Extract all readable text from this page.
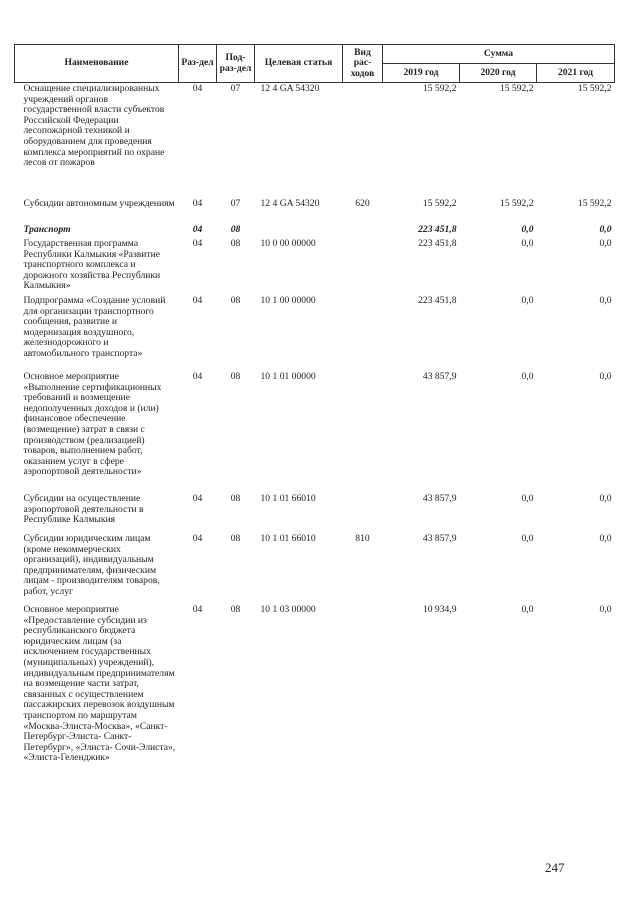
Наименование	Раз-дел	Под-раз-дел	Целевая статья	Вид рас-ходов	Сумма		
					2019 год	2020 год	2021 год
Оснащение специализированных учреждений органов государственной власти субъектов Российской Федерации лесопожарной техникой и оборудованием для проведения комплекса мероприятий по охране лесов от пожаров	04	07	12 4 GA 54320		15 592,2	15 592,2	15 592,2
Субсидии автономным учреждениям	04	07	12 4 GA 54320	620	15 592,2	15 592,2	15 592,2
Транспорт	04	08			223 451,8	0,0	0,0
Государственная программа Республики Калмыкия «Развитие транспортного комплекса и дорожного хозяйства Республики Калмыкия»	04	08	10 0 00 00000		223 451,8	0,0	0,0
Подпрограмма «Создание условий для организации транспортного сообщения, развитие и модернизация воздушного, железнодорожного и автомобильного транспорта»	04	08	10 1 00 00000		223 451,8	0,0	0,0
Основное мероприятие «Выполнение сертификационных требований и возмещение недополученных доходов и (или) финансовое обеспечение (возмещение) затрат в связи с производством (реализацией) товаров, выполнением работ, оказанием услуг в сфере аэропортовой деятельности»	04	08	10 1 01 00000		43 857,9	0,0	0,0
Субсидии на осуществление аэропортовой деятельности в Республике Калмыкия	04	08	10 1 01 66010		43 857,9	0,0	0,0
Субсидии юридическим лицам (кроме некоммерческих организаций), индивидуальным предпринимателям, физическим лицам - производителям товаров, работ, услуг	04	08	10 1 01 66010	810	43 857,9	0,0	0,0
Основное мероприятие «Предоставление субсидии из республиканского бюджета юридическим лицам (за исключением государственных (муниципальных) учреждений), индивидуальным предпринимателям на возмещение части затрат, связанных с осуществлением пассажирских перевозок воздушным транспортом по маршрутам «Москва-Элиста-Москва», «Санкт-Петербург-Элиста- Санкт-Петербург», «Элиста- Сочи-Элиста», «Элиста-Геленджик»	04	08	10 1 03 00000		10 934,9	0,0	0,0
247
